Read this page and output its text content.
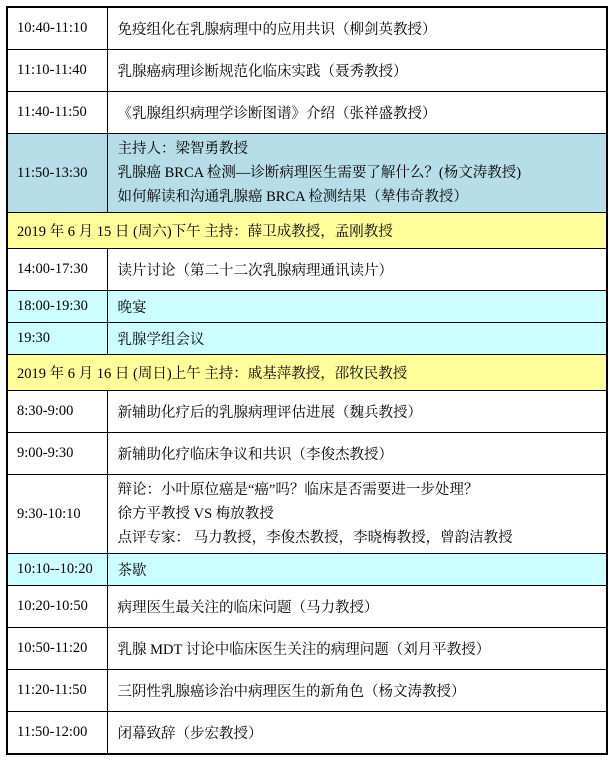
10:40-11:10	免疫组化在乳腺病理中的应用共识（柳剑英教授）

11:10-11:40	乳腺癌病理诊断规范化临床实践（聂秀教授）

11:40-11:50	《乳腺组织病理学诊断图谱》介绍（张祥盛教授）

11:50-13:30	主持人：梁智勇教授
乳腺癌 BRCA 检测—诊断病理医生需要了解什么？(杨文涛教授)
如何解读和沟通乳腺癌 BRCA 检测结果（辇伟奇教授）

2019 年 6 月 15 日 (周六)下午 主持：薛卫成教授，孟刚教授	
14:00-17:30	读片讨论（第二十二次乳腺病理通讯读片）

18:00-19:30	晚宴

19:30	乳腺学组会议

2019 年 6 月 16 日 (周日)上午 主持：戚基萍教授，邵牧民教授	
8:30-9:00	新辅助化疗后的乳腺病理评估进展（魏兵教授）

9:00-9:30	新辅助化疗临床争议和共识（李俊杰教授）

9:30-10:10	辩论：小叶原位癌是“癌”吗？临床是否需要进一步处理？
徐方平教授 VS 梅放教授
点评专家： 马力教授，李俊杰教授，李晓梅教授，曾韵洁教授

10:10--10:20	茶歇

10:20-10:50	病理医生最关注的临床问题（马力教授）

10:50-11:20	乳腺 MDT 讨论中临床医生关注的病理问题（刘月平教授）

11:20-11:50	三阴性乳腺癌诊治中病理医生的新角色（杨文涛教授）

11:50-12:00	闭幕致辞（步宏教授）
